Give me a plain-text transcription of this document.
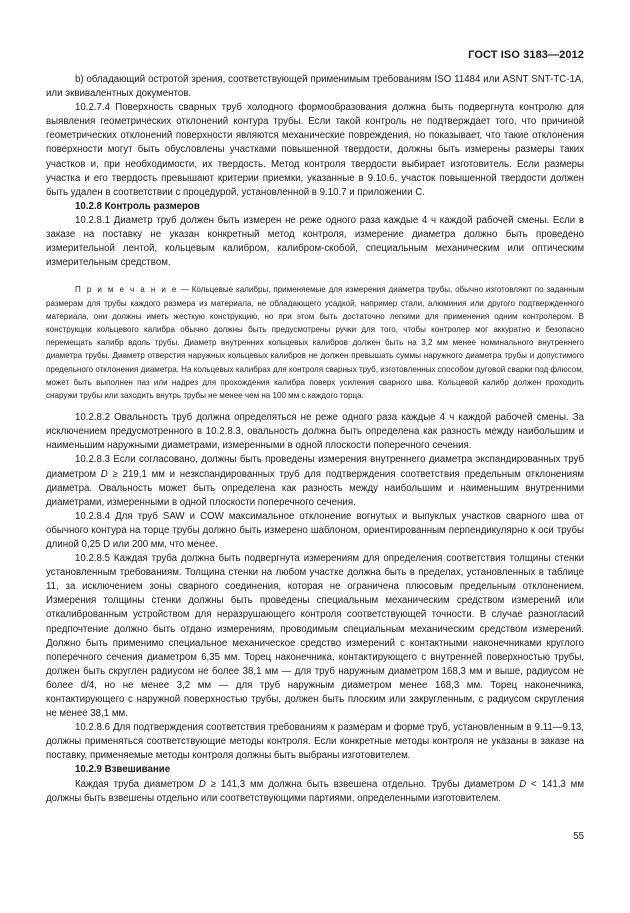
ГОСТ ISO 3183—2012

b) обладающий остротой зрения, соответствующей применимым требованиям ISO 11484 или ASNT SNT-TC-1A, или эквивалентных документов.

10.2.7.4 Поверхность сварных труб холодного формообразования должна быть подвергнута контролю для выявления геометрических отклонений контура трубы. Если такой контроль не подтверждает того, что причиной геометрических отклонений поверхности являются механические повреждения, но показывает, что такие отклонения поверхности могут быть обусловлены участками повышенной твердости, должны быть измерены размеры таких участков и, при необходимости, их твердость. Метод контроля твердости выбирает изготовитель. Если размеры участка и его твердость превышают критерии приемки, указанные в 9.10.6, участок повышенной твердости должен быть удален в соответствии с процедурой, установленной в 9.10.7 и приложении С.

10.2.8 Контроль размеров

10.2.8.1 Диаметр труб должен быть измерен не реже одного раза каждые 4 ч каждой рабочей смены. Если в заказе на поставку не указан конкретный метод контроля, измерение диаметра должно быть проведено измерительной лентой, кольцевым калибром, калибром-скобой, специальным механическим или оптическим измерительным средством.

П р и м е ч а н и е — Кольцевые калибры, применяемые для измерения диаметра трубы, обычно изготовляют по заданным размерам для трубы каждого размера из материала, не обладающего усадкой, например стали, алюминия или другого подтвержденного материала, они должны иметь жесткую конструкцию, но при этом быть достаточно легкими для применения одним контролером. В конструкции кольцевого калибра обычно должны быть предусмотрены ручки для того, чтобы контролер мог аккуратно и безопасно перемещать калибр вдоль трубы. Диаметр внутренних кольцевых калибров должен быть на 3,2 мм менее номинального внутреннего диаметра трубы. Диаметр отверстия наружных кольцевых калибров не должен превышать суммы наружного диаметра трубы и допустимого предельного отклонения диаметра. На кольцевых калибрах для контроля сварных труб, изготовленных способом дуговой сварки под флюсом, может быть выполнен паз или надрез для прохождения калибра поверх усиления сварного шва. Кольцевой калибр должен проходить снаружи трубы или заходить внутрь трубы не менее чем на 100 мм с каждого торца.

10.2.8.2 Овальность труб должна определяться не реже одного раза каждые 4 ч каждой рабочей смены. За исключением предусмотренного в 10.2.8.3, овальность должна быть определена как разность между наибольшим и наименьшим наружными диаметрами, измеренными в одной плоскости поперечного сечения.

10.2.8.3 Если согласовано, должны быть проведены измерения внутреннего диаметра экспандированных труб диаметром D ≥ 219,1 мм и незкспандированных труб для подтверждения соответствия предельным отклонениям диаметра. Овальность может быть определена как разность между наибольшим и наименьшим внутренними диаметрами, измеренными в одной плоскости поперечного сечения.

10.2.8.4 Для труб SAW и COW максимальное отклонение вогнутых и выпуклых участков сварного шва от обычного контура на торце трубы должно быть измерено шаблоном, ориентированным перпендикулярно к оси трубы длиной 0,25 D или 200 мм, что менее.

10.2.8.5 Каждая труба должна быть подвергнута измерениям для определения соответствия толщины стенки установленным требованиям. Толщина стенки на любом участке должна быть в пределах, установленных в таблице 11, за исключением зоны сварного соединения, которая не ограничена плюсовым предельным отклонением. Измерения толщины стенки должны быть проведены специальным механическим средством измерений или откалиброванным устройством для неразрушающего контроля соответствующей точности. В случае разногласий предпочтение должно быть отдано измерениям, проводимым специальным механическим средством измерений. Должно быть применимо специальное механическое средство измерений с контактными наконечниками круглого поперечного сечения диаметром 6,35 мм. Торец наконечника, контактирующего с внутренней поверхностью трубы, должен быть скруглен радиусом не более 38,1 мм — для труб наружным диаметром 168,3 мм и выше, радиусом не более d/4, но не менее 3,2 мм — для труб наружным диаметром менее 168,3 мм. Торец наконечника, контактирующего с наружной поверхностью трубы, должен быть плоским или закругленным, с радиусом скругления не менее 38,1 мм.

10.2.8.6 Для подтверждения соответствия требованиям к размерам и форме труб, установленным в 9.11—9.13, должны применяться соответствующие методы контроля. Если конкретные методы контроля не указаны в заказе на поставку, применяемые методы контроля должны быть выбраны изготовителем.

10.2.9 Взвешивание

Каждая труба диаметром D ≥ 141,3 мм должна быть взвешена отдельно. Трубы диаметром D < 141,3 мм должны быть взвешены отдельно или соответствующими партиями, определенными изготовителем.

55
